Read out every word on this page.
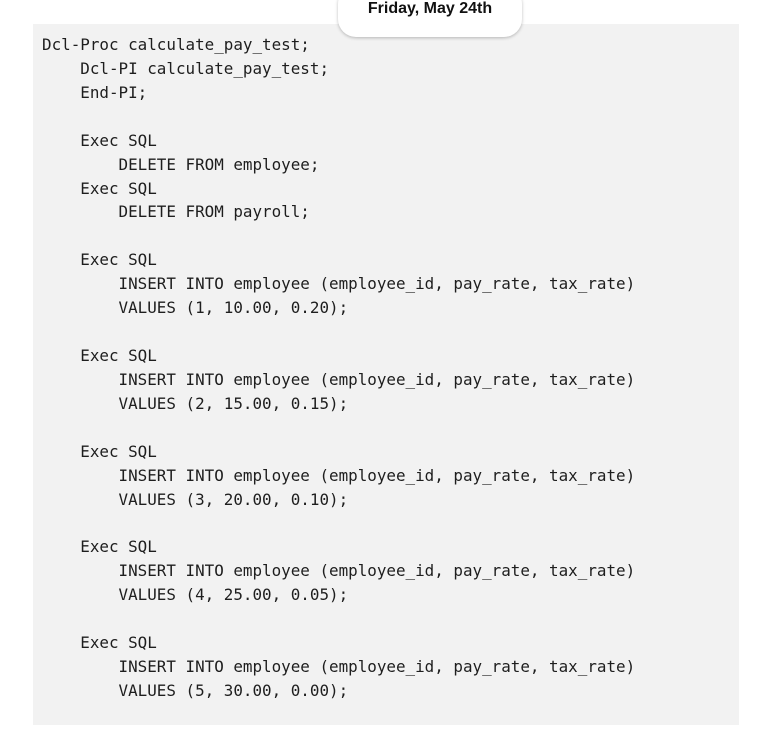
Dcl-Proc calculate_pay_test;
Dcl-PI calculate_pay_test;
End-PI;
Exec SQL
DELETE FROM employee;
Exec SQL
DELETE FROM payroll;
Exec SQL
INSERT INTO employee (employee_id, pay_rate, tax_rate)
VALUES (1, 10.00, 0.20);
Exec SQL
INSERT INTO employee (employee_id, pay_rate, tax_rate)
VALUES (2, 15.00, 0.15);
Exec SQL
INSERT INTO employee (employee_id, pay_rate, tax_rate)
VALUES (3, 20.00, 0.10);
Exec SQL
INSERT INTO employee (employee_id, pay_rate, tax_rate)
VALUES (4, 25.00, 0.05);
Exec SQL
INSERT INTO employee (employee_id, pay_rate, tax_rate)
VALUES (5, 30.00, 0.00);
Friday, May 24th
